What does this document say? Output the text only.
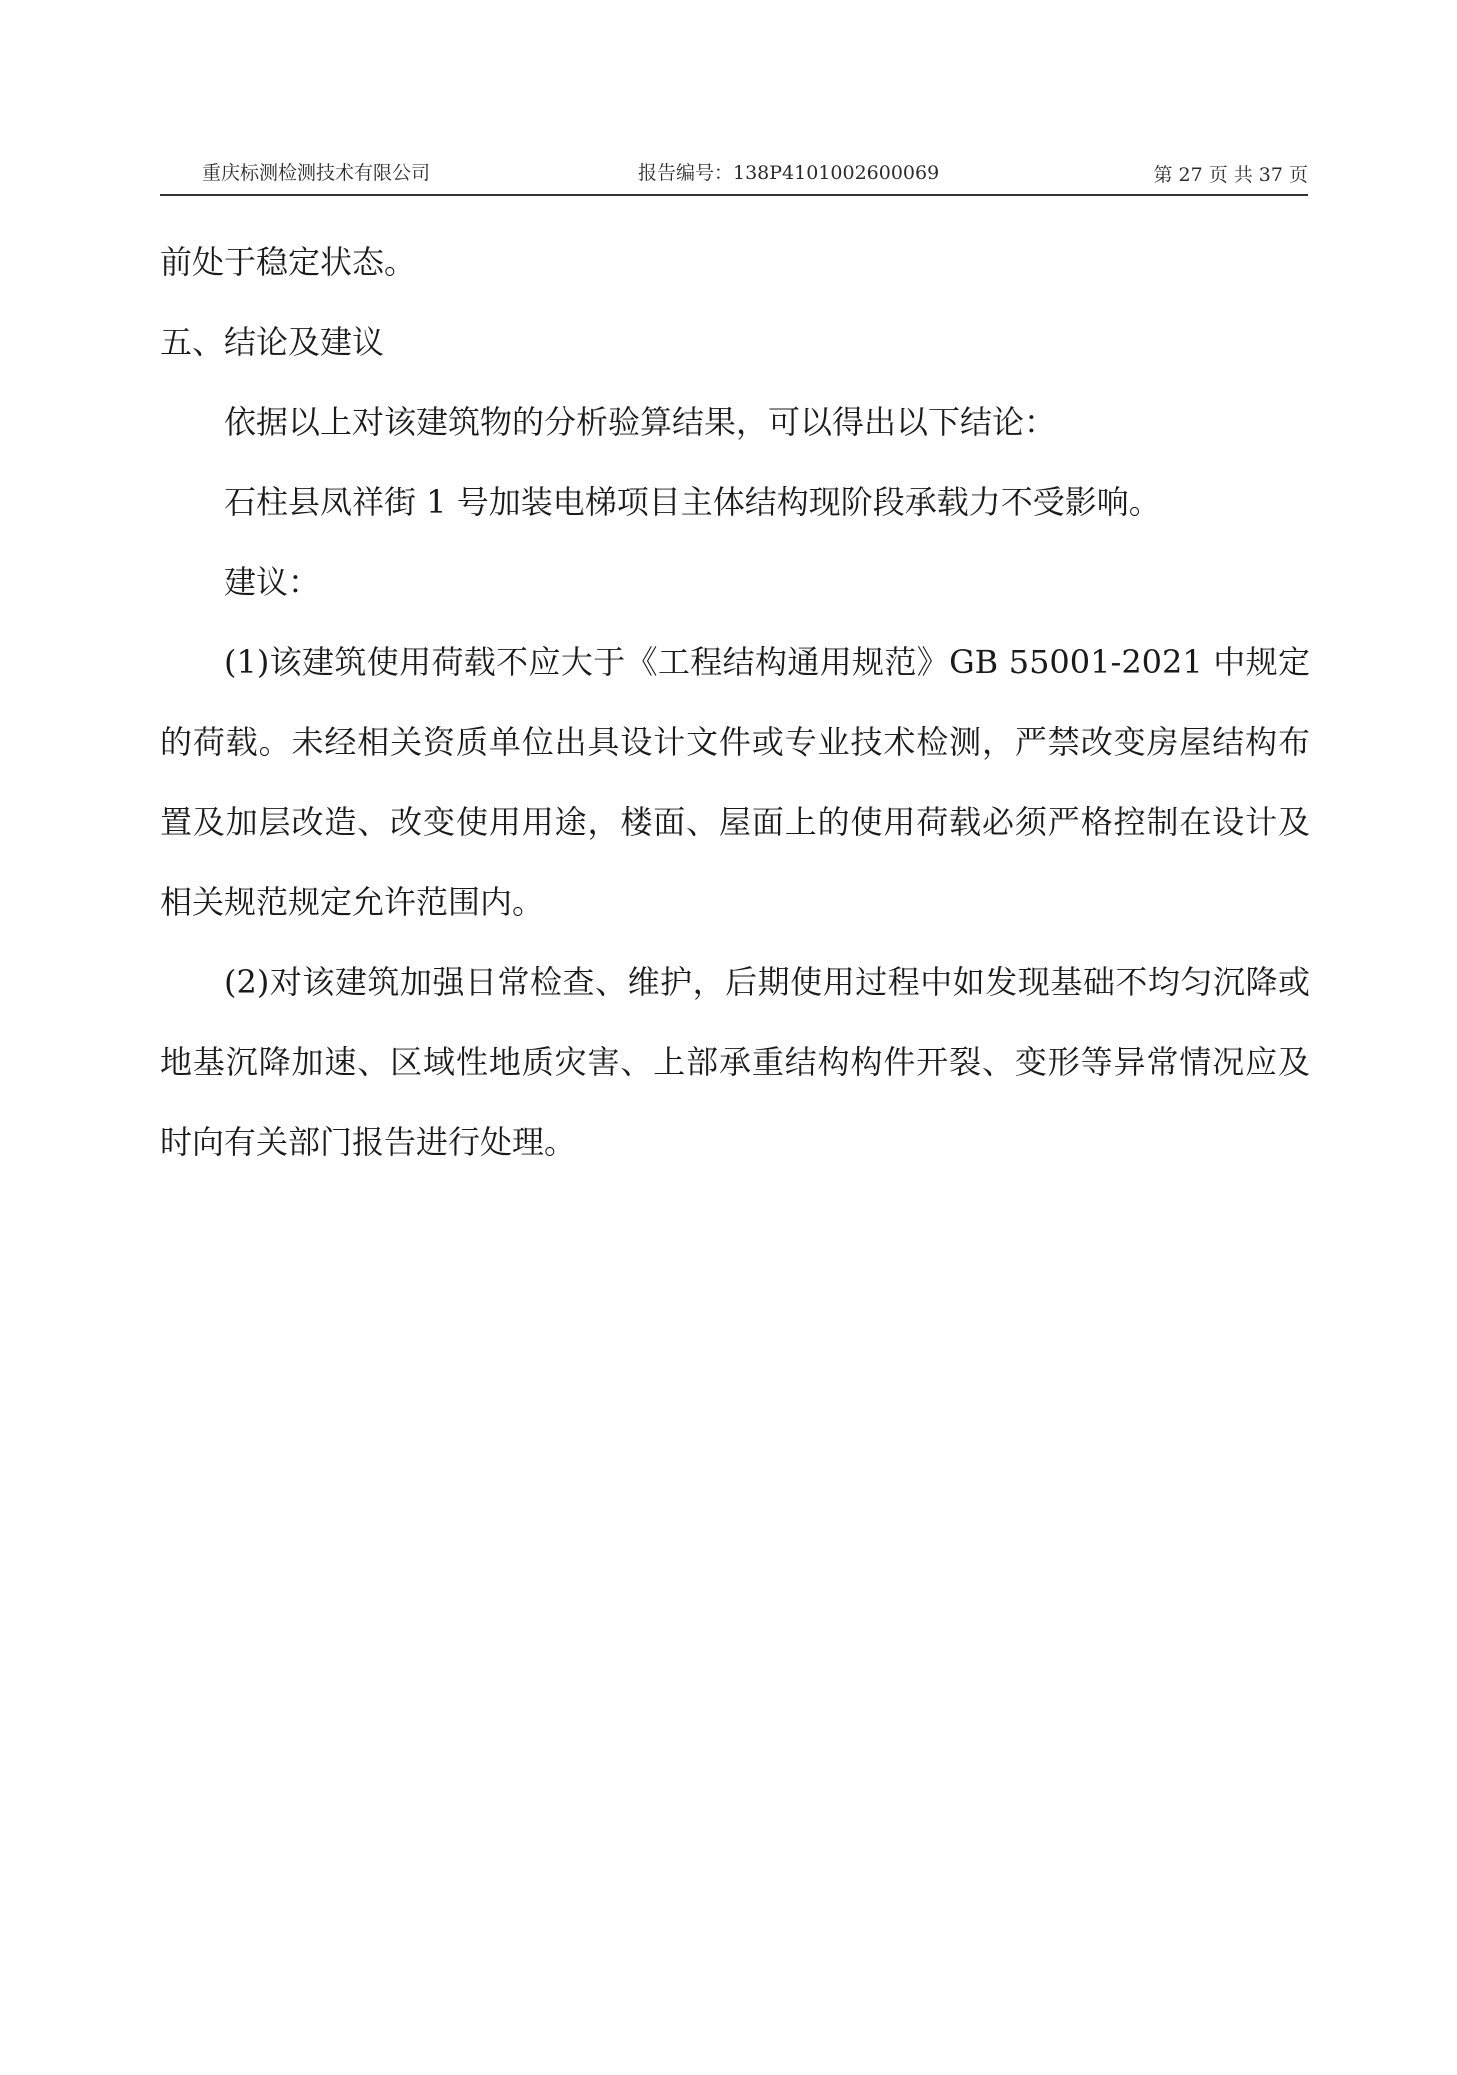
重庆标测检测技术有限公司	报告编号：138P4101002600069	第 27 页 共 37 页

前处于稳定状态。

五、结论及建议

依据以上对该建筑物的分析验算结果，可以得出以下结论：

石柱县凤祥街 1 号加装电梯项目主体结构现阶段承载力不受影响。

建议：

(1)该建筑使用荷载不应大于《工程结构通用规范》GB 55001-2021 中规定的荷载。未经相关资质单位出具设计文件或专业技术检测，严禁改变房屋结构布置及加层改造、改变使用用途，楼面、屋面上的使用荷载必须严格控制在设计及相关规范规定允许范围内。

(2)对该建筑加强日常检查、维护，后期使用过程中如发现基础不均匀沉降或地基沉降加速、区域性地质灾害、上部承重结构构件开裂、变形等异常情况应及时向有关部门报告进行处理。
